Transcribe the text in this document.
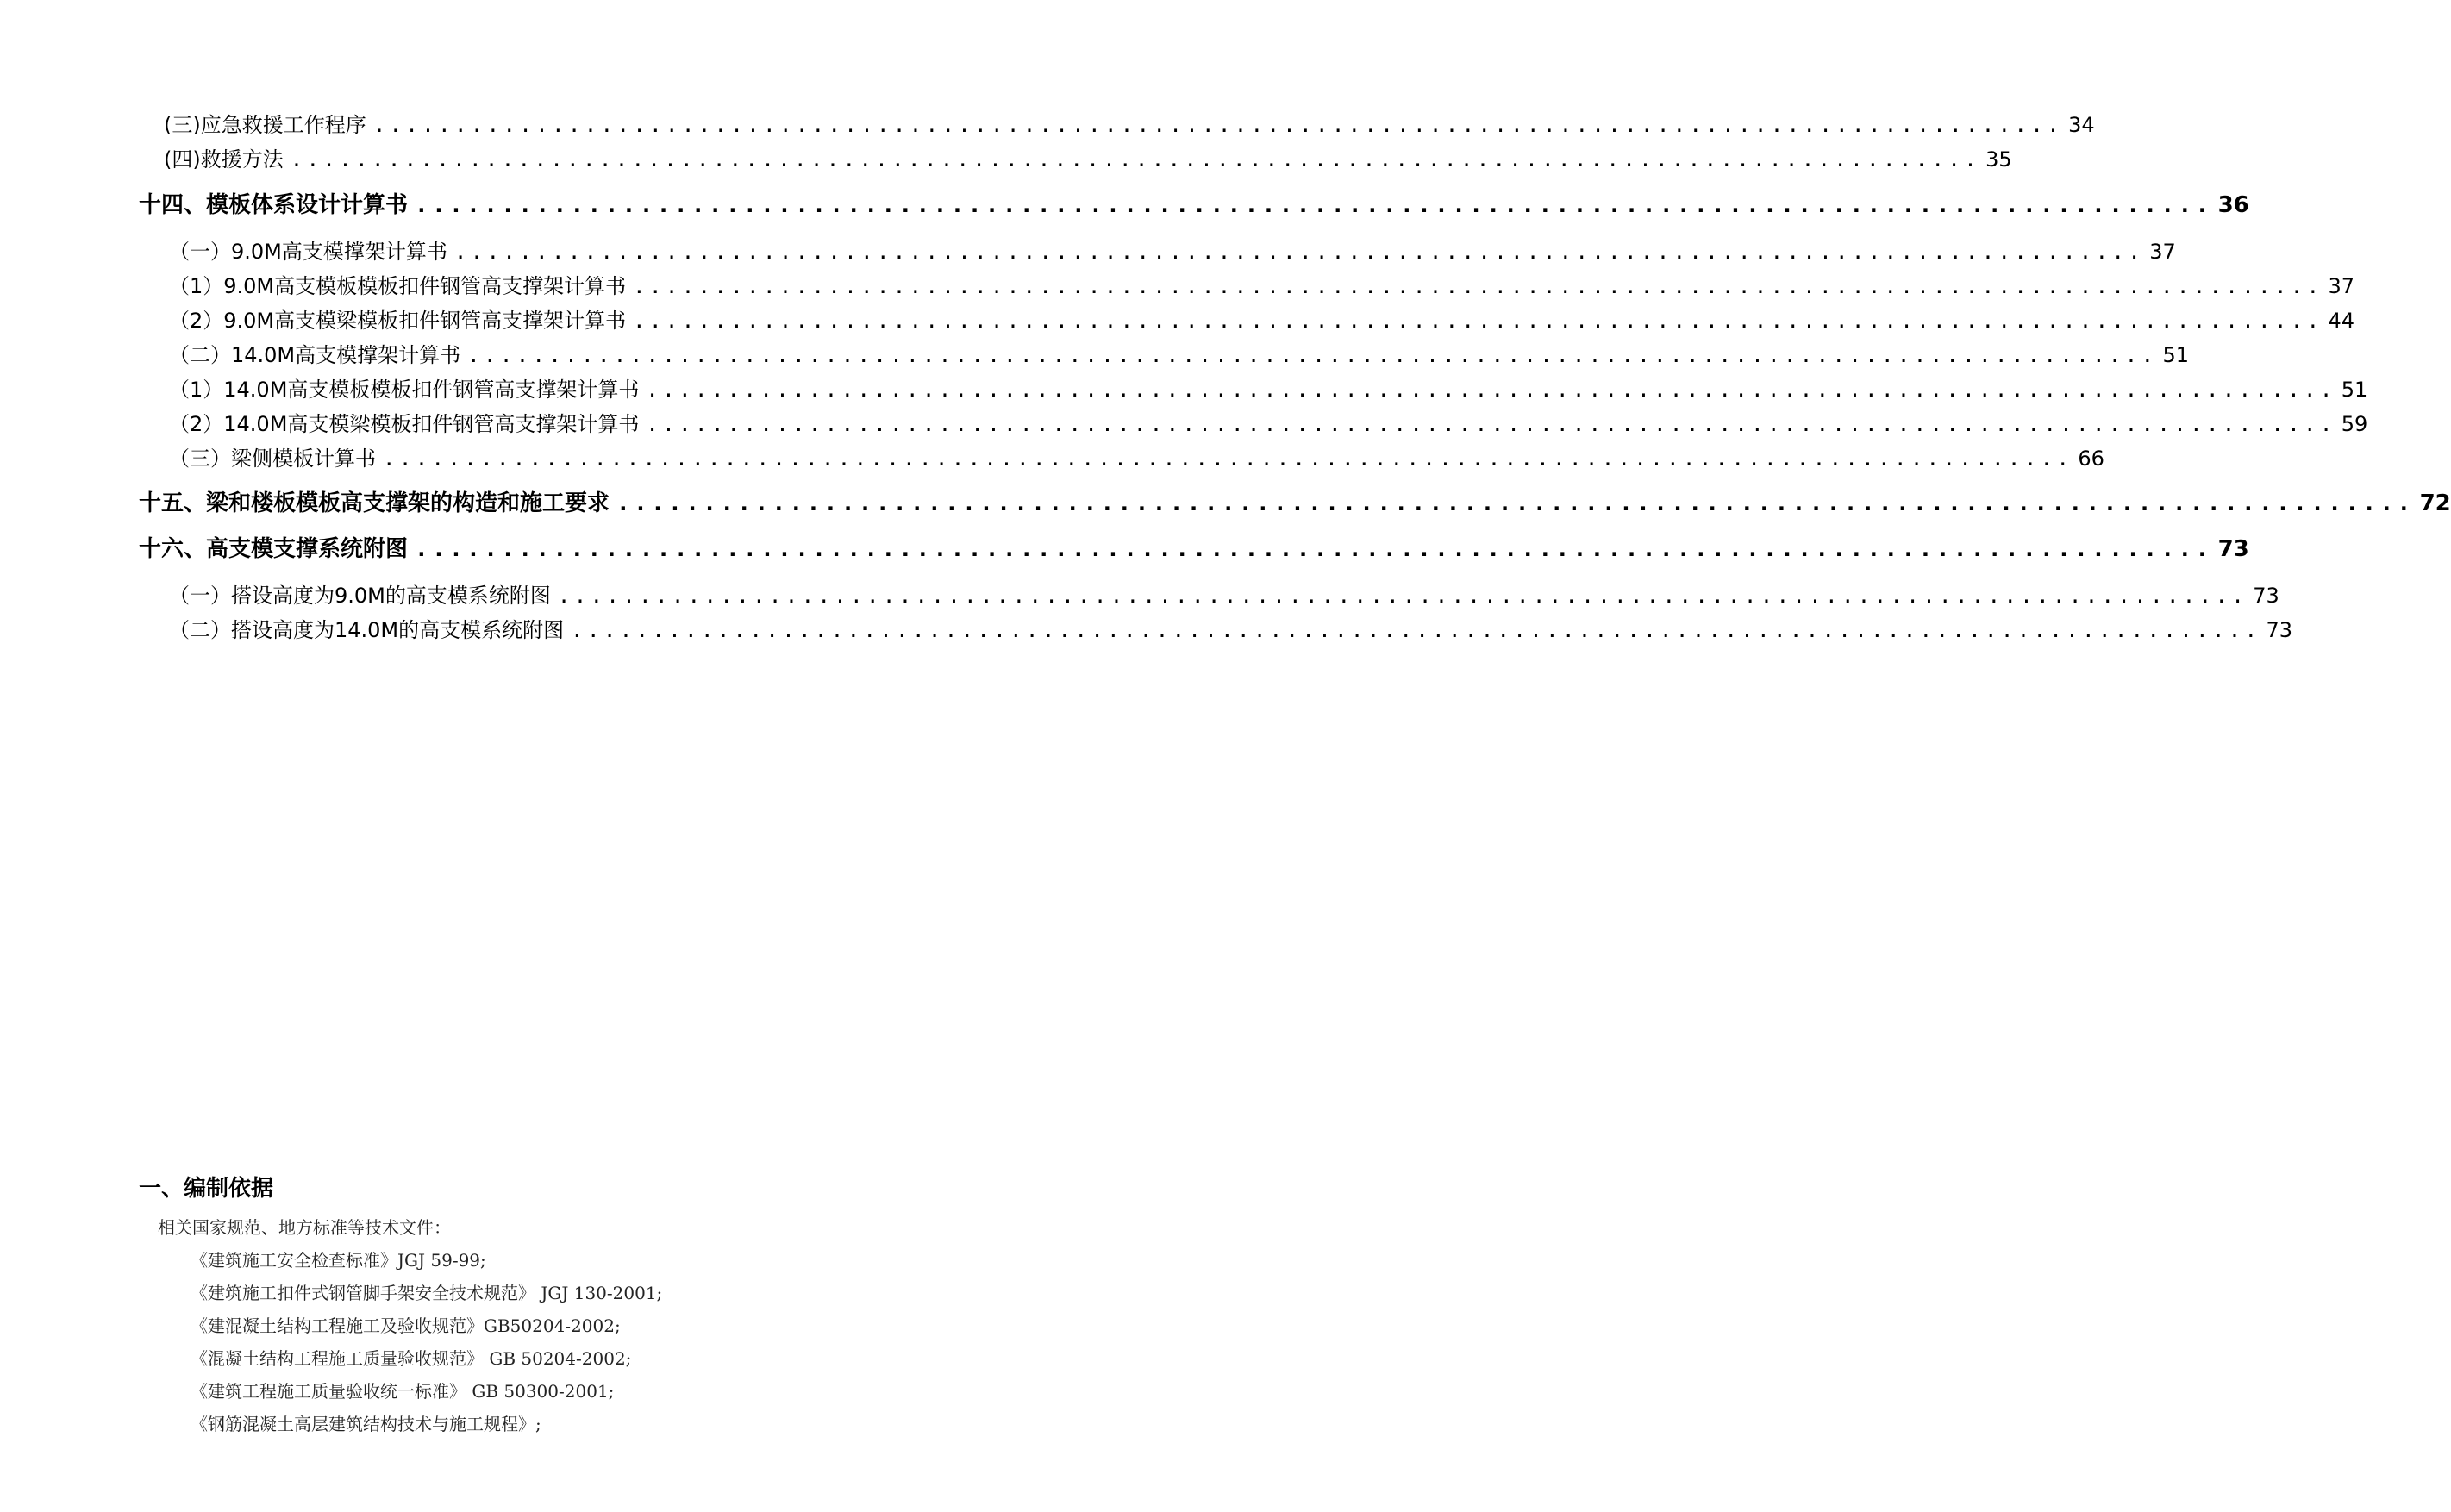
(三)应急救援工作程序 ........................................................................................................ 34
(四)救援方法 ........................................................................................................ 35
十四、模板体系设计计算书 ........................................................................................................ 36
（一）9.0M高支模撑架计算书 ........................................................................................................ 37
（1）9.0M高支模板模板扣件钢管高支撑架计算书 ........................................................................................................ 37
（2）9.0M高支模梁模板扣件钢管高支撑架计算书 ........................................................................................................ 44
（二）14.0M高支模撑架计算书 ........................................................................................................ 51
（1）14.0M高支模板模板扣件钢管高支撑架计算书 ........................................................................................................ 51
（2）14.0M高支模梁模板扣件钢管高支撑架计算书 ........................................................................................................ 59
（三）梁侧模板计算书 ........................................................................................................ 66
十五、梁和楼板模板高支撑架的构造和施工要求 ........................................................................................................ 72
十六、高支模支撑系统附图 ........................................................................................................ 73
（一）搭设高度为9.0M的高支模系统附图 ........................................................................................................ 73
（二）搭设高度为14.0M的高支模系统附图 ........................................................................................................ 73
一、编制依据
相关国家规范、地方标准等技术文件：
《建筑施工安全检查标准》JGJ 59-99;
《建筑施工扣件式钢管脚手架安全技术规范》 JGJ 130-2001;
《建混凝土结构工程施工及验收规范》GB50204-2002;
《混凝土结构工程施工质量验收规范》 GB 50204-2002;
《建筑工程施工质量验收统一标准》 GB 50300-2001;
《钢筋混凝土高层建筑结构技术与施工规程》;
